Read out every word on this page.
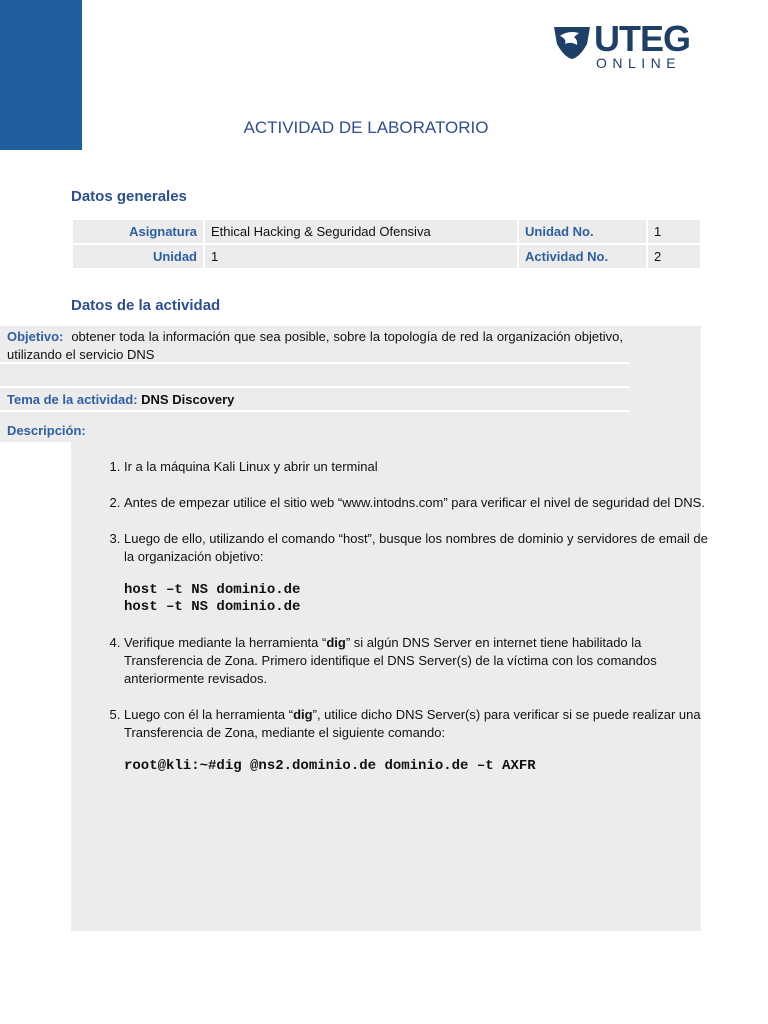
UTEG
ONLINE
ACTIVIDAD DE LABORATORIO
Datos generales
Asignatura	Ethical Hacking & Seguridad Ofensiva	Unidad No.	1
Unidad	1	Actividad No.	2
Datos de la actividad
Objetivo: obtener toda la información que sea posible, sobre la topología de red la organización objetivo, utilizando el servicio DNS
Tema de la actividad: DNS Discovery
Descripción:
1. Ir a la máquina Kali Linux y abrir un terminal
2. Antes de empezar utilice el sitio web “www.intodns.com” para verificar el nivel de seguridad del DNS.
3. Luego de ello, utilizando el comando “host”, busque los nombres de dominio y servidores de email de la organización objetivo:
host –t NS dominio.de
host –t NS dominio.de
4. Verifique mediante la herramienta “dig” si algún DNS Server en internet tiene habilitado la Transferencia de Zona. Primero identifique el DNS Server(s) de la víctima con los comandos anteriormente revisados.
5. Luego con él la herramienta “dig”, utilice dicho DNS Server(s) para verificar si se puede realizar una Transferencia de Zona, mediante el siguiente comando:
root@kli:~#dig @ns2.dominio.de dominio.de –t AXFR
